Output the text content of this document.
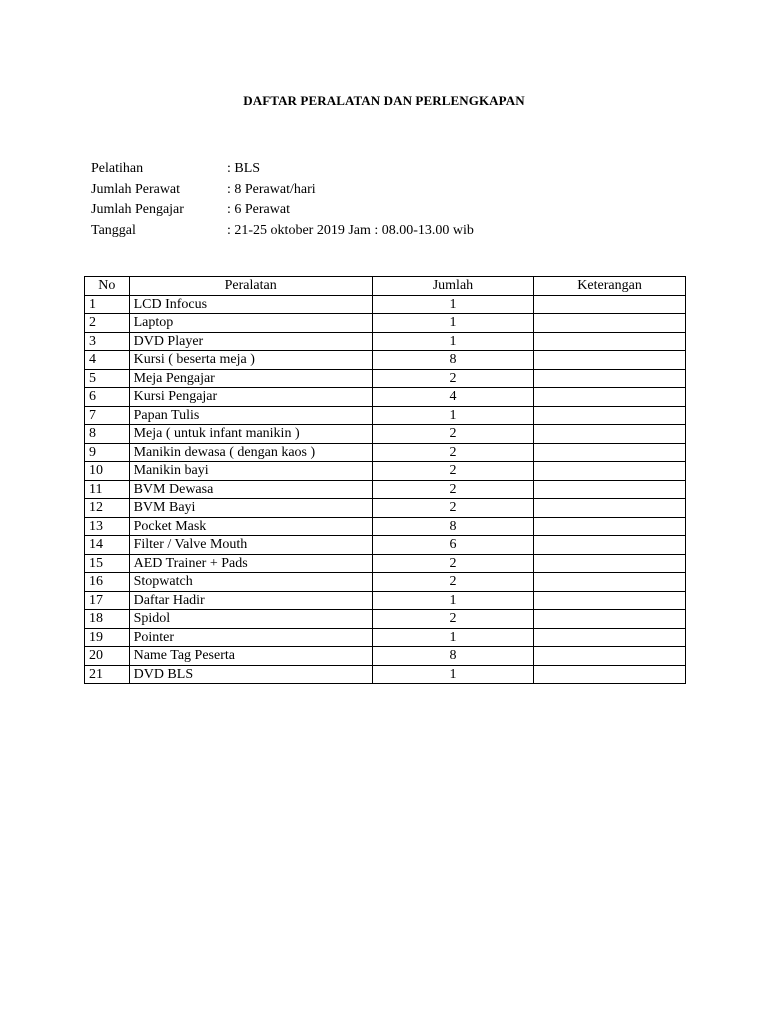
DAFTAR PERALATAN DAN PERLENGKAPAN
Pelatihan	: BLS
Jumlah Perawat	: 8 Perawat/hari
Jumlah Pengajar	: 6 Perawat
Tanggal	: 21-25 oktober 2019 Jam : 08.00-13.00 wib
No	Peralatan	Jumlah	Keterangan
1	LCD Infocus	1	
2	Laptop	1	
3	DVD Player	1	
4	Kursi ( beserta meja )	8	
5	Meja Pengajar	2	
6	Kursi Pengajar	4	
7	Papan Tulis	1	
8	Meja ( untuk infant manikin )	2	
9	Manikin dewasa ( dengan kaos )	2	
10	Manikin bayi	2	
11	BVM Dewasa	2	
12	BVM Bayi	2	
13	Pocket Mask	8	
14	Filter / Valve Mouth	6	
15	AED Trainer + Pads	2	
16	Stopwatch	2	
17	Daftar Hadir	1	
18	Spidol	2	
19	Pointer	1	
20	Name Tag Peserta	8	
21	DVD BLS	1	
